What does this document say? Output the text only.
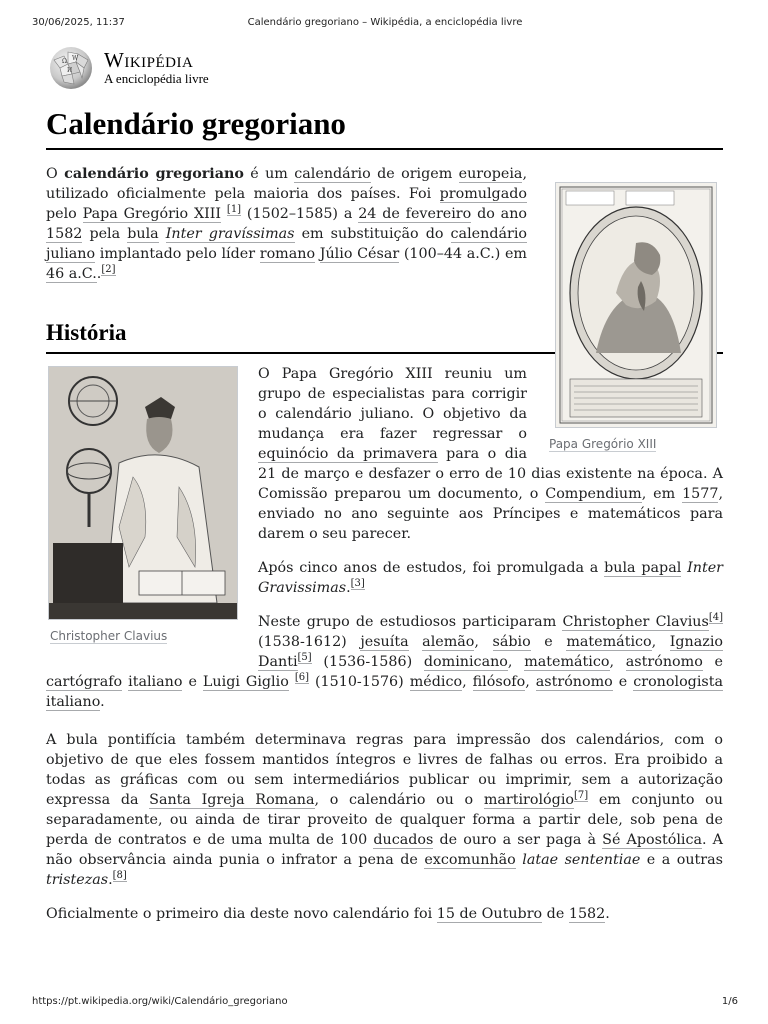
30/06/2025, 11:37	Calendário gregoriano – Wikipédia, a enciclopédia livre
Ω W
И Wikipédia
A enciclopédia livre
Calendário gregoriano
Papa Gregório XIII

O calendário gregoriano é um calendário de origem europeia, utilizado oficialmente pela maioria dos países. Foi promulgado pelo Papa Gregório XIII [1] (1502–1585) a 24 de fevereiro do ano 1582 pela bula Inter gravíssimas em substituição do calendário juliano implantado pelo líder romano Júlio César (100–44 a.C.) em 46 a.C..[2]

História
Christopher Clavius

O Papa Gregório XIII reuniu um grupo de especialistas para corrigir o calendário juliano. O objetivo da mudança era fazer regressar o equinócio da primavera para o dia 21 de março e desfazer o erro de 10 dias existente na época. A Comissão preparou um documento, o Compendium, em 1577, enviado no ano seguinte aos Príncipes e matemáticos para darem o seu parecer.

Após cinco anos de estudos, foi promulgada a bula papal Inter Gravissimas.[3]

Neste grupo de estudiosos participaram Christopher Clavius[4] (1538-1612) jesuíta alemão, sábio e matemático, Ignazio Danti[5] (1536-1586) dominicano, matemático, astrónomo e cartógrafo italiano e Luigi Giglio [6] (1510-1576) médico, filósofo, astrónomo e cronologista italiano.

A bula pontifícia também determinava regras para impressão dos calendários, com o objetivo de que eles fossem mantidos íntegros e livres de falhas ou erros. Era proibido a todas as gráficas com ou sem intermediários publicar ou imprimir, sem a autorização expressa da Santa Igreja Romana, o calendário ou o martirológio[7] em conjunto ou separadamente, ou ainda de tirar proveito de qualquer forma a partir dele, sob pena de perda de contratos e de uma multa de 100 ducados de ouro a ser paga à Sé Apostólica. A não observância ainda punia o infrator a pena de excomunhão latae sententiae e a outras tristezas.[8]

Oficialmente o primeiro dia deste novo calendário foi 15 de Outubro de 1582.

https://pt.wikipedia.org/wiki/Calendário_gregoriano	1/6
